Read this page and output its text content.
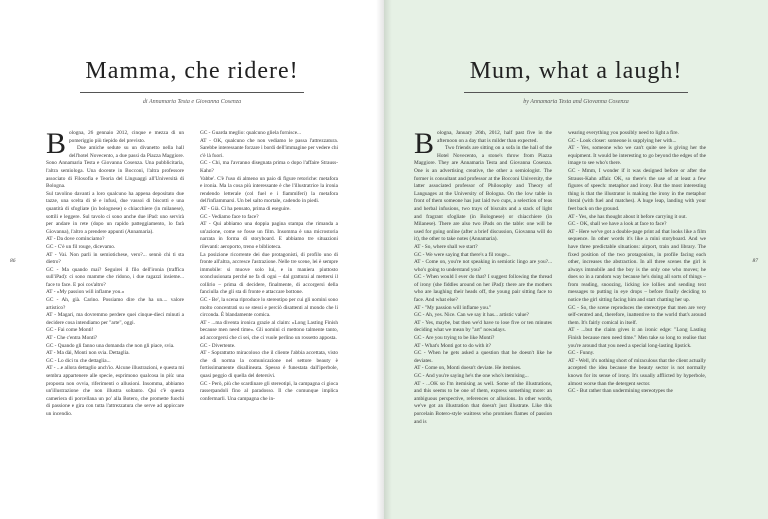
Mamma, che ridere!
di Annamaria Testa e Giovanna Cosenza
86

Bologna, 26 gennaio 2012, cinque e mezza di un pomeriggio più tiepido del previsto.

Due amiche sedute su un divanetto nella hall dell'hotel Novecento, a due passi da Piazza Maggiore. Sono Annamaria Testa e Giovanna Cosenza. Una pubblicitaria, l'altra semiologa. Una docente in Bocconi, l'altra professore associato di Filosofia e Teoria del Linguaggi all'Università di Bologna.

Sul tavolino davanti a loro qualcuno ha appena depositato due tazze, una scelta di tè e infusi, due vassoi di biscotti e una quantità di sfogliate (in bolognese) o chiacchiere (in milanese), sottili e leggere. Sul tavolo ci sono anche due iPad: uno servirà per andare in rete (dopo un rapido patteggiamento, lo farà Giovanna), l'altro a prendere appunti (Annamaria).

AT - Da dove cominciamo?

GC - C'è un fil rouge, dicevamo.

AT - Vai. Non parli in semiotichese, vero?... sennò chi ti sta dietro?

GC - Ma quando mai? Seguirei il filo dell'ironia (traffica sull'iPad): ci sono mamme che ridono, i due ragazzi insieme... face to face. E poi cos'altro?

AT - «My passion will inflame you.»

GC - Ah, già. Carino. Possiamo dire che ha un.... valore artistico?

AT - Magari, ma dovremmo perdere quei cinque-dieci minuti a decidere cosa intendiamo per "arte", oggi.

GC - Fai come Monti!

AT - Che c'entra Monti?

GC - Quando gli fanno una domanda che non gli piace, svia.

AT - Ma dài, Monti non svia. Dettaglia.

GC - Lo dici tu che dettaglia...

AT - ...e allora dettaglio anch'io. Alcune illustrazioni, e questa mi sembra appartenere alle specie, esprimono qualcosa in più: una proposta non ovvia, riferimenti o allusioni. Insomma, abbiamo un'illustrazione che non illustra soltanto. Qui c'è questa cameriera di porcellana un po' alla Botero, che promette fuochi di passione e gira con tutta l'attrezzatura che serve ad appiccare un incendio.

GC - Guarda meglio: qualcuno gliela fornisce...

AT - OK, qualcuno che non vediamo le passa l'attrezzatura. Sarebbe interessante forzare i bordi dell'immagine per vedere chi c'è là fuori.

GC - Chi, ma l'avranno disegnata prima o dopo l'affaire Strauss-Kahn?

Vabbe'. C'è l'uso di almeno un paio di figure retoriche: metafora e ironia. Ma la cosa più interessante è che l'illustratrice la ironia rendendo letterale (col fuel e i fiammiferi) la metafora dell'infiammarsi. Un bel salto mortale, cadendo in piedi.

AT - Già. Ci ha pensato, prima di eseguire.

GC - Vediamo face to face?

AT - Qui abbiamo una doppia pagina stampa che rimanda a un'azione, come se fosse un film. Insomma è una microstoria narrata in forma di storyboard. E abbiamo tre situazioni rilevanti: aeroporto, treno e biblioteca.

La posizione ricorrente dei due protagonisti, di profilo uno di fronte all'altra, accresce l'astrazione. Nelle tre scene, lei è sempre immobile: si muove solo lui, e in maniera piuttosto sconclusionata perché ne fa di ogni – dal gratturai al mettersi il collirio – prima di decidere, finalmente, di accorgersi della fanciulla che gli sta di fronte e attaccare bottone.

GC - Be', la scena riproduce lo stereotipo per cui gli uomini sono molto concentrati su se stessi e perciò disattenti al mondo che li circonda. È blandamente comica.

AT - ...ma diventa ironica grazie al claim: «Long Lasting Finish because men need time». Gli uomini ci mettono talmente tanto, ad accorgersi che ci sei, che ci vuole perlino un rossetto apposta.

GC - Divertente.

AT - Soprattutto miracoloso che il cliente l'abbia accettata, visto che di norma la comunicazione nel settore beauty è fortissimamente disallineata. Spesso è funestata dall'iperbole, quasi peggio di quella del detersivi.

GC - Però, più che scardinare gli stereotipi, la campagna ci gioca rasserpandoli fino al paradosso. Il che comunque implica confermarli. Una campagna che in-

Mum, what a laugh!
by Annamaria Testa and Giovanna Cosenza
87

Bologna, January 26th, 2012, half past five in the afternoon on a day that is milder than expected.

Two friends are sitting on a sofa in the hall of the Hotel Novecento, a stone's throw from Piazza Maggiore. They are Annamaria Testa and Giovanna Cosenza. One is an advertising creative, the other a semiologist. The former is consultant and professor at the Bocconi University, the latter associated professor of Philosophy and Theory of Languages at the University of Bologna. On the low table in front of them someone has just laid two cups, a selection of teas and herbal infusions, two trays of biscuits and a stack of light and fragrant sfogliate (in Bolognese) or chiacchiere (in Milanese). There are also two iPads on the table: one will be used for going online (after a brief discussion, Giovanna will do it), the other to take notes (Annamaria).

AT - So, where shall we start?

GC - We were saying that there's a fil rouge...

AT - Come on, you're not speaking in semiotic lingo are you?... who's going to understand you?

GC - When would I ever do that? I suggest following the thread of irony (she fiddles around on her iPad): there are the mothers who are laughing their heads off, the young pair sitting face to face. And what else?

AT - "My passion will inflame you."

GC - Ah, yes. Nice. Can we say it has... artistic value?

AT - Yes, maybe, but then we'd have to lose five or ten minutes deciding what we mean by "art" nowadays.

GC - Are you trying to be like Monti?

AT - What's Monti got to do with it?

GC - When he gets asked a question that he doesn't like he deviates.

AT - Come on, Monti doesn't deviate. He itemises.

GC - And you're saying he's the one who's itemising...

AT - ...OK so I'm itemising as well. Some of the illustrations, and this seems to be one of them, express something more: an ambiguous perspective, references or allusions. In other words, we've got an illustration that doesn't just illustrate. Like this porcelain Botero-style waitress who promises flames of passion and is

wearing everything you possibly need to light a fire.

GC - Look closer: someone is supplying her with...

AT - Yes, someone who we can't quite see is giving her the equipment. It would be interesting to go beyond the edges of the image to see who's there.

GC - Mmm, I wonder if it was designed before or after the Strauss-Kahn affair. OK, so there's the use of at least a few figures of speech: metaphor and irony. But the most interesting thing is that the illustrator is making the irony in the metaphor literal (with fuel and matches). A huge leap, landing with your feet back on the ground.

AT - Yes, she has thought about it before carrying it out.

GC - OK, shall we have a look at face to face?

AT - Here we've got a double-page print ad that looks like a film sequence. In other words it's like a mini storyboard. And we have three predictable situations: airport, train and library. The fixed position of the two protagonists, in profile facing each other, increases the abstraction. In all three scenes the girl is always immobile and the boy is the only one who moves; he does so in a random way because he's doing all sorts of things – from reading, snoozing, licking ice lollies and sending text messages to putting in eye drops – before finally deciding to notice the girl sitting facing him and start chatting her up.

GC - So, the scene reproduces the stereotype that men are very self-centred and, therefore, inattentive to the world that's around them. It's fairly comical in itself.

AT - ...but the claim gives it an ironic edge: "Long Lasting Finish because men need time." Men take so long to realise that you're around that you need a special long-lasting lipstick.

GC - Funny.

AT - Well, it's nothing short of miraculous that the client actually accepted the idea because the beauty sector is not normally known for its sense of irony. It's usually afflicted by hyperbole, almost worse than the detergent sector.

GC - But rather than undermining stereotypes the
